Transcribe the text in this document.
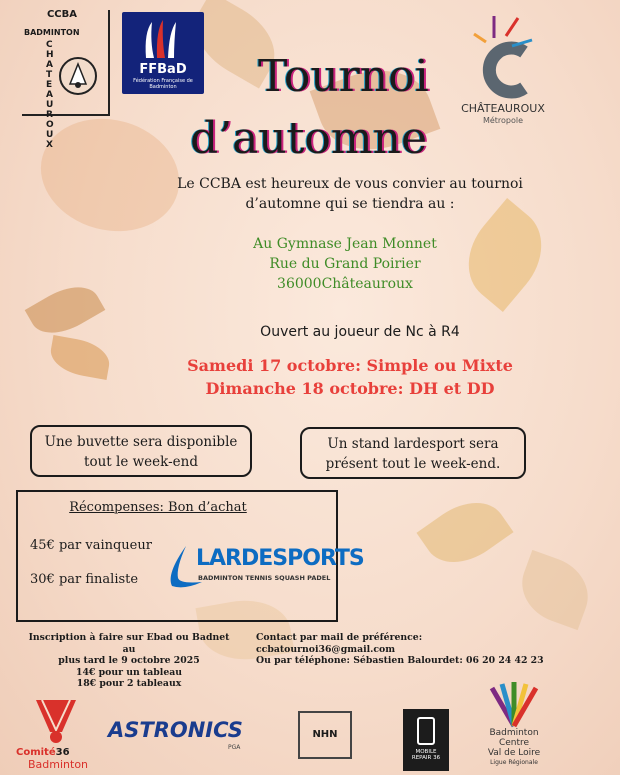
CCBA
BADMINTON
CHATEAUROUX
FFBaD
Fédération Française de Badminton	Tournoi
d’automne
CHÂTEAUROUX
Métropole
Le CCBA est heureux de vous convier au tournoi d’automne qui se tiendra au :
Au Gymnase Jean Monnet
Rue du Grand Poirier
36000Châteauroux
Ouvert au joueur de Nc à R4
Samedi 17 octobre: Simple ou Mixte
Dimanche 18 octobre: DH et DD
Une buvette sera disponible
tout le week-end
Un stand lardesport sera
présent tout le week-end.
Récompenses: Bon d’achat
45€ par vainqueur
30€ par finaliste
LARDESPORTS
BADMINTON TENNIS SQUASH PADEL
Inscription à faire sur Ebad ou Badnet au
plus tard le 9 octobre 2025
14€ pour un tableau
18€ pour 2 tableaux
Contact par mail de préférence: ccbatournoi36@gmail.com
Ou par téléphone: Sébastien Balourdet: 06 20 24 42 23
Comité36
Badminton
ASTRONICS
PGA
NHN
MOBILE
REPAIR 36
Badminton
Centre
Val de Loire
Ligue Régionale
